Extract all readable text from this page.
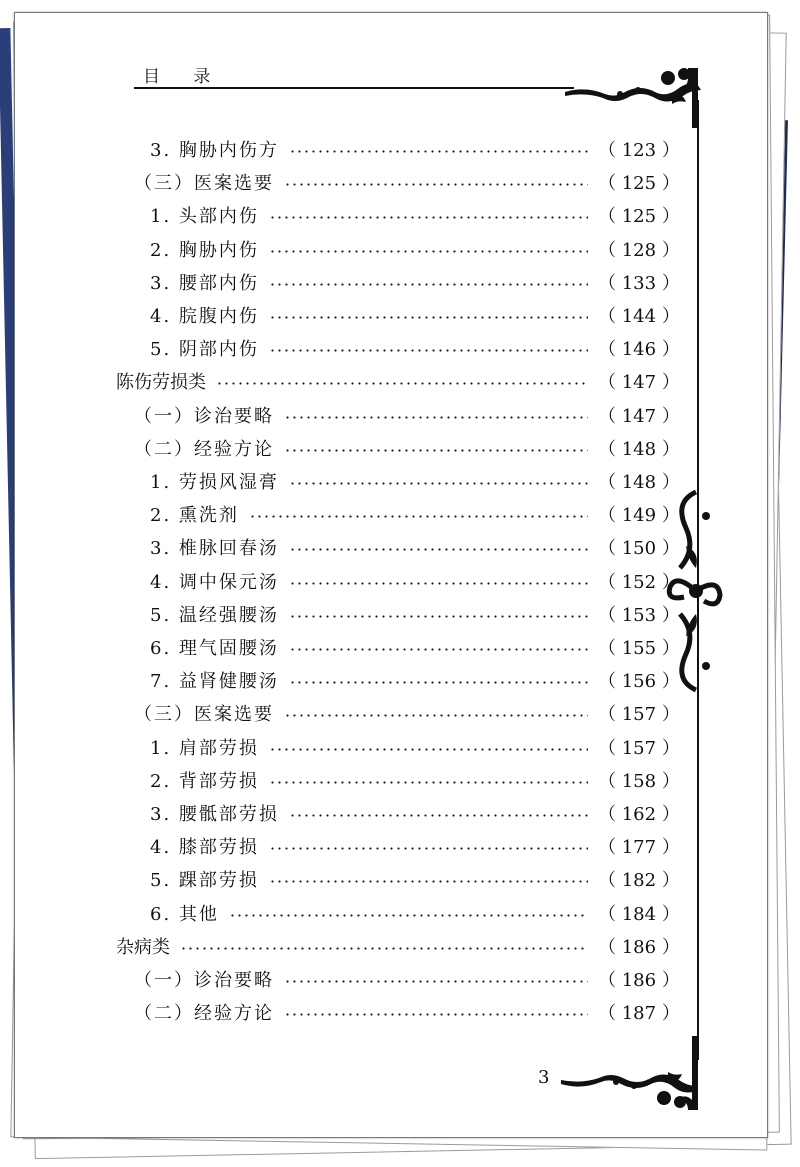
目 录
3. 胸胁内伤方	（ 123 ）
（三）医案选要	（ 125 ）
1. 头部内伤	（ 125 ）
2. 胸胁内伤	（ 128 ）
3. 腰部内伤	（ 133 ）
4. 脘腹内伤	（ 144 ）
5. 阴部内伤	（ 146 ）
陈伤劳损类	（ 147 ）
（一）诊治要略	（ 147 ）
（二）经验方论	（ 148 ）
1. 劳损风湿膏	（ 148 ）
2. 熏洗剂	（ 149 ）
3. 椎脉回春汤	（ 150 ）
4. 调中保元汤	（ 152 ）
5. 温经强腰汤	（ 153 ）
6. 理气固腰汤	（ 155 ）
7. 益肾健腰汤	（ 156 ）
（三）医案选要	（ 157 ）
1. 肩部劳损	（ 157 ）
2. 背部劳损	（ 158 ）
3. 腰骶部劳损	（ 162 ）
4. 膝部劳损	（ 177 ）
5. 踝部劳损	（ 182 ）
6. 其他	（ 184 ）
杂病类	（ 186 ）
（一）诊治要略	（ 186 ）
（二）经验方论	（ 187 ）
3
